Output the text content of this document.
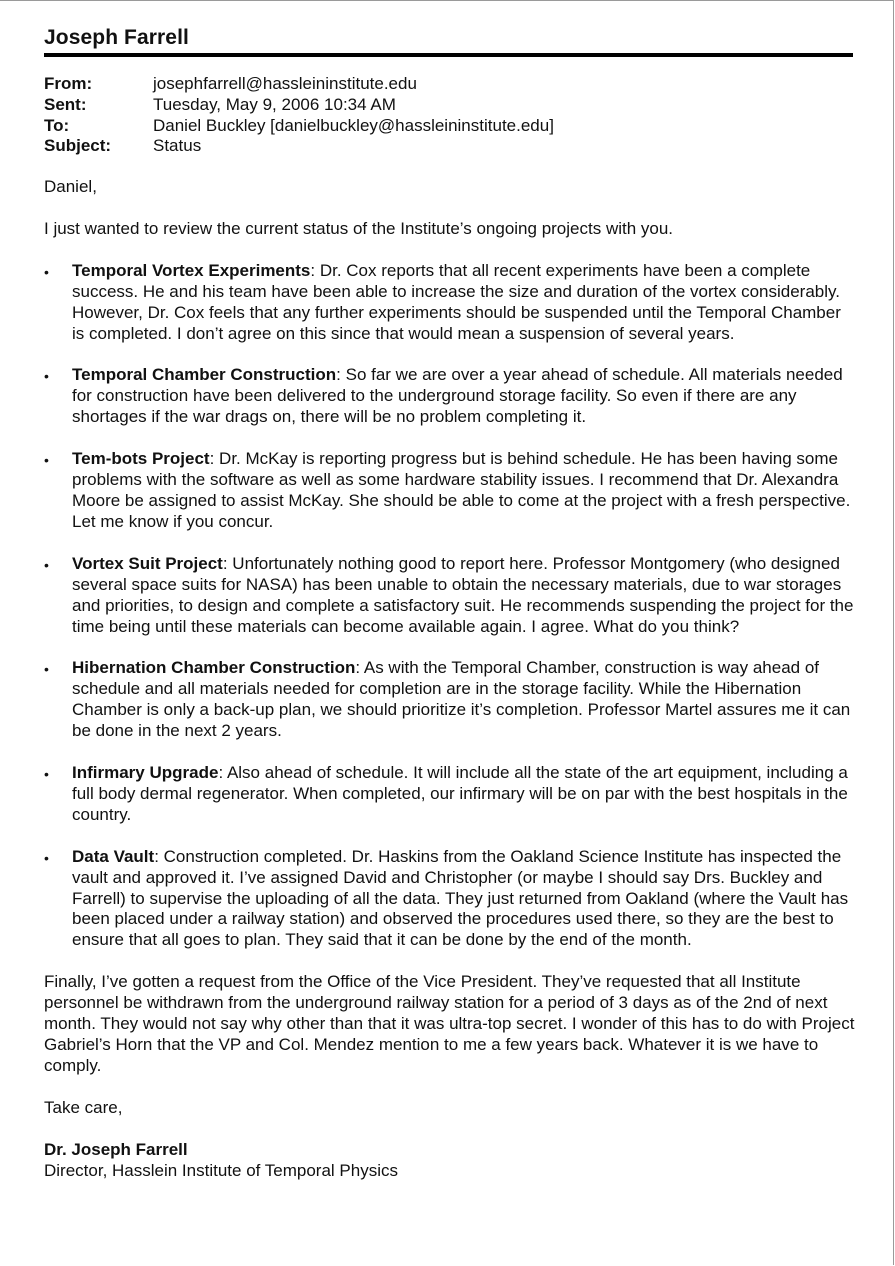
Joseph Farrell
From:	josephfarrell@hassleininstitute.edu
Sent:	Tuesday, May 9, 2006 10:34 AM
To:	Daniel Buckley [danielbuckley@hassleininstitute.edu]
Subject:	Status

Daniel,

I just wanted to review the current status of the Institute’s ongoing projects with you.

• Temporal Vortex Experiments: Dr. Cox reports that all recent experiments have been a complete success. He and his team have been able to increase the size and duration of the vortex considerably. However, Dr. Cox feels that any further experiments should be suspended until the Temporal Chamber is completed. I don’t agree on this since that would mean a suspension of several years.
• Temporal Chamber Construction: So far we are over a year ahead of schedule. All materials needed for construction have been delivered to the underground storage facility. So even if there are any shortages if the war drags on, there will be no problem completing it.
• Tem-bots Project: Dr. McKay is reporting progress but is behind schedule. He has been having some problems with the software as well as some hardware stability issues. I recommend that Dr. Alexandra Moore be assigned to assist McKay. She should be able to come at the project with a fresh perspective. Let me know if you concur.
• Vortex Suit Project: Unfortunately nothing good to report here. Professor Montgomery (who designed several space suits for NASA) has been unable to obtain the necessary materials, due to war storages and priorities, to design and complete a satisfactory suit. He recommends suspending the project for the time being until these materials can become available again. I agree. What do you think?
• Hibernation Chamber Construction: As with the Temporal Chamber, construction is way ahead of schedule and all materials needed for completion are in the storage facility. While the Hibernation Chamber is only a back-up plan, we should prioritize it’s completion. Professor Martel assures me it can be done in the next 2 years.
• Infirmary Upgrade: Also ahead of schedule. It will include all the state of the art equipment, including a full body dermal regenerator. When completed, our infirmary will be on par with the best hospitals in the country.
• Data Vault: Construction completed. Dr. Haskins from the Oakland Science Institute has inspected the vault and approved it. I’ve assigned David and Christopher (or maybe I should say Drs. Buckley and Farrell) to supervise the uploading of all the data. They just returned from Oakland (where the Vault has been placed under a railway station) and observed the procedures used there, so they are the best to ensure that all goes to plan. They said that it can be done by the end of the month.

Finally, I’ve gotten a request from the Office of the Vice President. They’ve requested that all Institute personnel be withdrawn from the underground railway station for a period of 3 days as of the 2nd of next month. They would not say why other than that it was ultra-top secret. I wonder of this has to do with Project Gabriel’s Horn that the VP and Col. Mendez mention to me a few years back. Whatever it is we have to comply.

Take care,

Dr. Joseph Farrell

Director, Hasslein Institute of Temporal Physics
